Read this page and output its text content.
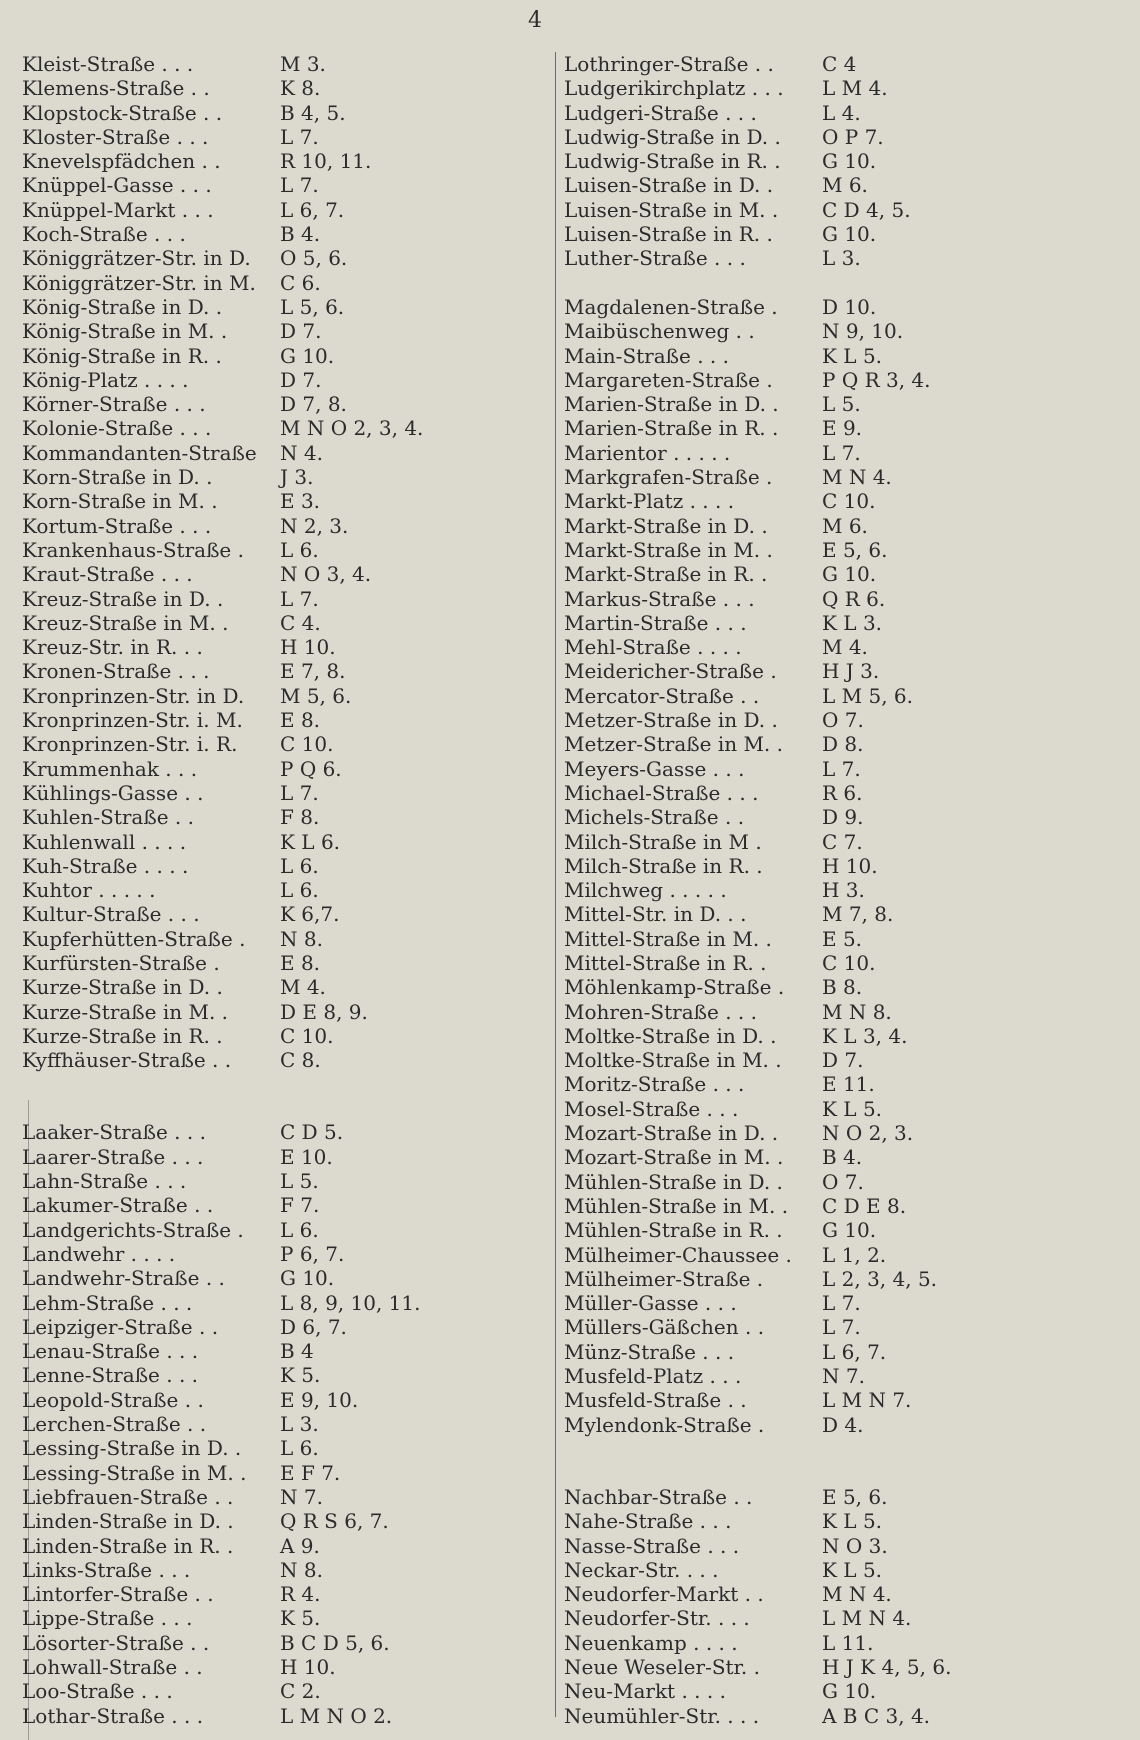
4
Kleist-Straße . . .	M 3.
Klemens-Straße . .	K 8.
Klopstock-Straße . .	B 4, 5.
Kloster-Straße . . .	L 7.
Knevelspfädchen . .	R 10, 11.
Knüppel-Gasse . . .	L 7.
Knüppel-Markt . . .	L 6, 7.
Koch-Straße . . .	B 4.
Königgrätzer-Str. in D.	O 5, 6.
Königgrätzer-Str. in M.	C 6.
König-Straße in D. .	L 5, 6.
König-Straße in M. .	D 7.
König-Straße in R. .	G 10.
König-Platz . . . .	D 7.
Körner-Straße . . .	D 7, 8.
Kolonie-Straße . . .	M N O 2, 3, 4.
Kommandanten-Straße	N 4.
Korn-Straße in D. .	J 3.
Korn-Straße in M. .	E 3.
Kortum-Straße . . .	N 2, 3.
Krankenhaus-Straße .	L 6.
Kraut-Straße . . .	N O 3, 4.
Kreuz-Straße in D. .	L 7.
Kreuz-Straße in M. .	C 4.
Kreuz-Str. in R. . .	H 10.
Kronen-Straße . . .	E 7, 8.
Kronprinzen-Str. in D.	M 5, 6.
Kronprinzen-Str. i. M.	E 8.
Kronprinzen-Str. i. R.	C 10.
Krummenhak . . .	P Q 6.
Kühlings-Gasse . .	L 7.
Kuhlen-Straße . .	F 8.
Kuhlenwall . . . .	K L 6.
Kuh-Straße . . . .	L 6.
Kuhtor . . . . .	L 6.
Kultur-Straße . . .	K 6,7.
Kupferhütten-Straße .	N 8.
Kurfürsten-Straße .	E 8.
Kurze-Straße in D. .	M 4.
Kurze-Straße in M. .	D E 8, 9.
Kurze-Straße in R. .	C 10.
Kyffhäuser-Straße . .	C 8.
Laaker-Straße . . .	C D 5.
Laarer-Straße . . .	E 10.
Lahn-Straße . . .	L 5.
Lakumer-Straße . .	F 7.
Landgerichts-Straße .	L 6.
Landwehr . . . .	P 6, 7.
Landwehr-Straße . .	G 10.
Lehm-Straße . . .	L 8, 9, 10, 11.
Leipziger-Straße . .	D 6, 7.
Lenau-Straße . . .	B 4
Lenne-Straße . . .	K 5.
Leopold-Straße . .	E 9, 10.
Lerchen-Straße . .	L 3.
Lessing-Straße in D. .	L 6.
Lessing-Straße in M. .	E F 7.
Liebfrauen-Straße . .	N 7.
Linden-Straße in D. .	Q R S 6, 7.
Linden-Straße in R. .	A 9.
Links-Straße . . .	N 8.
Lintorfer-Straße . .	R 4.
Lippe-Straße . . .	K 5.
Lösorter-Straße . .	B C D 5, 6.
Lohwall-Straße . .	H 10.
Loo-Straße . . .	C 2.
Lothar-Straße . . .	L M N O 2.
Lothringer-Straße . .	C 4
Ludgerikirchplatz . . .	L M 4.
Ludgeri-Straße . . .	L 4.
Ludwig-Straße in D. .	O P 7.
Ludwig-Straße in R. .	G 10.
Luisen-Straße in D. .	M 6.
Luisen-Straße in M. .	C D 4, 5.
Luisen-Straße in R. .	G 10.
Luther-Straße . . .	L 3.
Magdalenen-Straße .	D 10.
Maibüschenweg . .	N 9, 10.
Main-Straße . . .	K L 5.
Margareten-Straße .	P Q R 3, 4.
Marien-Straße in D. .	L 5.
Marien-Straße in R. .	E 9.
Marientor . . . . .	L 7.
Markgrafen-Straße .	M N 4.
Markt-Platz . . . .	C 10.
Markt-Straße in D. .	M 6.
Markt-Straße in M. .	E 5, 6.
Markt-Straße in R. .	G 10.
Markus-Straße . . .	Q R 6.
Martin-Straße . . .	K L 3.
Mehl-Straße . . . .	M 4.
Meidericher-Straße .	H J 3.
Mercator-Straße . .	L M 5, 6.
Metzer-Straße in D. .	O 7.
Metzer-Straße in M. .	D 8.
Meyers-Gasse . . .	L 7.
Michael-Straße . . .	R 6.
Michels-Straße . .	D 9.
Milch-Straße in M .	C 7.
Milch-Straße in R. .	H 10.
Milchweg . . . . .	H 3.
Mittel-Str. in D. . .	M 7, 8.
Mittel-Straße in M. .	E 5.
Mittel-Straße in R. .	C 10.
Möhlenkamp-Straße .	B 8.
Mohren-Straße . . .	M N 8.
Moltke-Straße in D. .	K L 3, 4.
Moltke-Straße in M. .	D 7.
Moritz-Straße . . .	E 11.
Mosel-Straße . . .	K L 5.
Mozart-Straße in D. .	N O 2, 3.
Mozart-Straße in M. .	B 4.
Mühlen-Straße in D. .	O 7.
Mühlen-Straße in M. .	C D E 8.
Mühlen-Straße in R. .	G 10.
Mülheimer-Chaussee .	L 1, 2.
Mülheimer-Straße .	L 2, 3, 4, 5.
Müller-Gasse . . .	L 7.
Müllers-Gäßchen . .	L 7.
Münz-Straße . . .	L 6, 7.
Musfeld-Platz . . .	N 7.
Musfeld-Straße . .	L M N 7.
Mylendonk-Straße .	D 4.
Nachbar-Straße . .	E 5, 6.
Nahe-Straße . . .	K L 5.
Nasse-Straße . . .	N O 3.
Neckar-Str. . . .	K L 5.
Neudorfer-Markt . .	M N 4.
Neudorfer-Str. . . .	L M N 4.
Neuenkamp . . . .	L 11.
Neue Weseler-Str. .	H J K 4, 5, 6.
Neu-Markt . . . .	G 10.
Neumühler-Str. . . .	A B C 3, 4.
